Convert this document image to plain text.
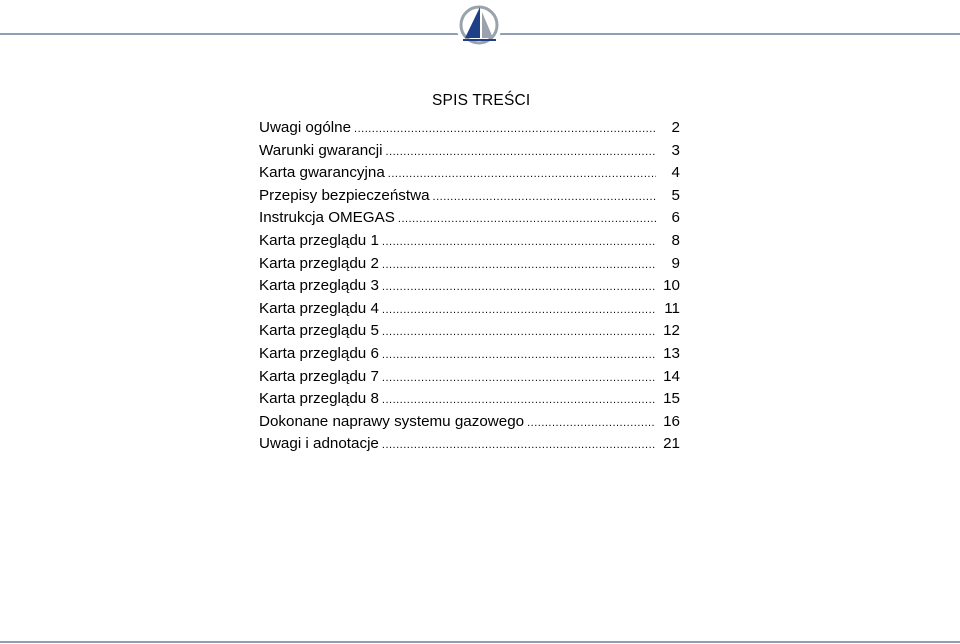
SPIS TREŚCI
Uwagi ogólne .....	2
Warunki gwarancji .....	3
Karta gwarancyjna .....	4
Przepisy bezpieczeństwa .....	5
Instrukcja OMEGAS .....	6
Karta przeglądu 1 .....	8
Karta przeglądu 2 .....	9
Karta przeglądu 3 .....	10
Karta przeglądu 4 .....	11
Karta przeglądu 5 .....	12
Karta przeglądu 6 .....	13
Karta przeglądu 7 .....	14
Karta przeglądu 8 .....	15
Dokonane naprawy systemu gazowego .....	16
Uwagi i adnotacje .....	21
